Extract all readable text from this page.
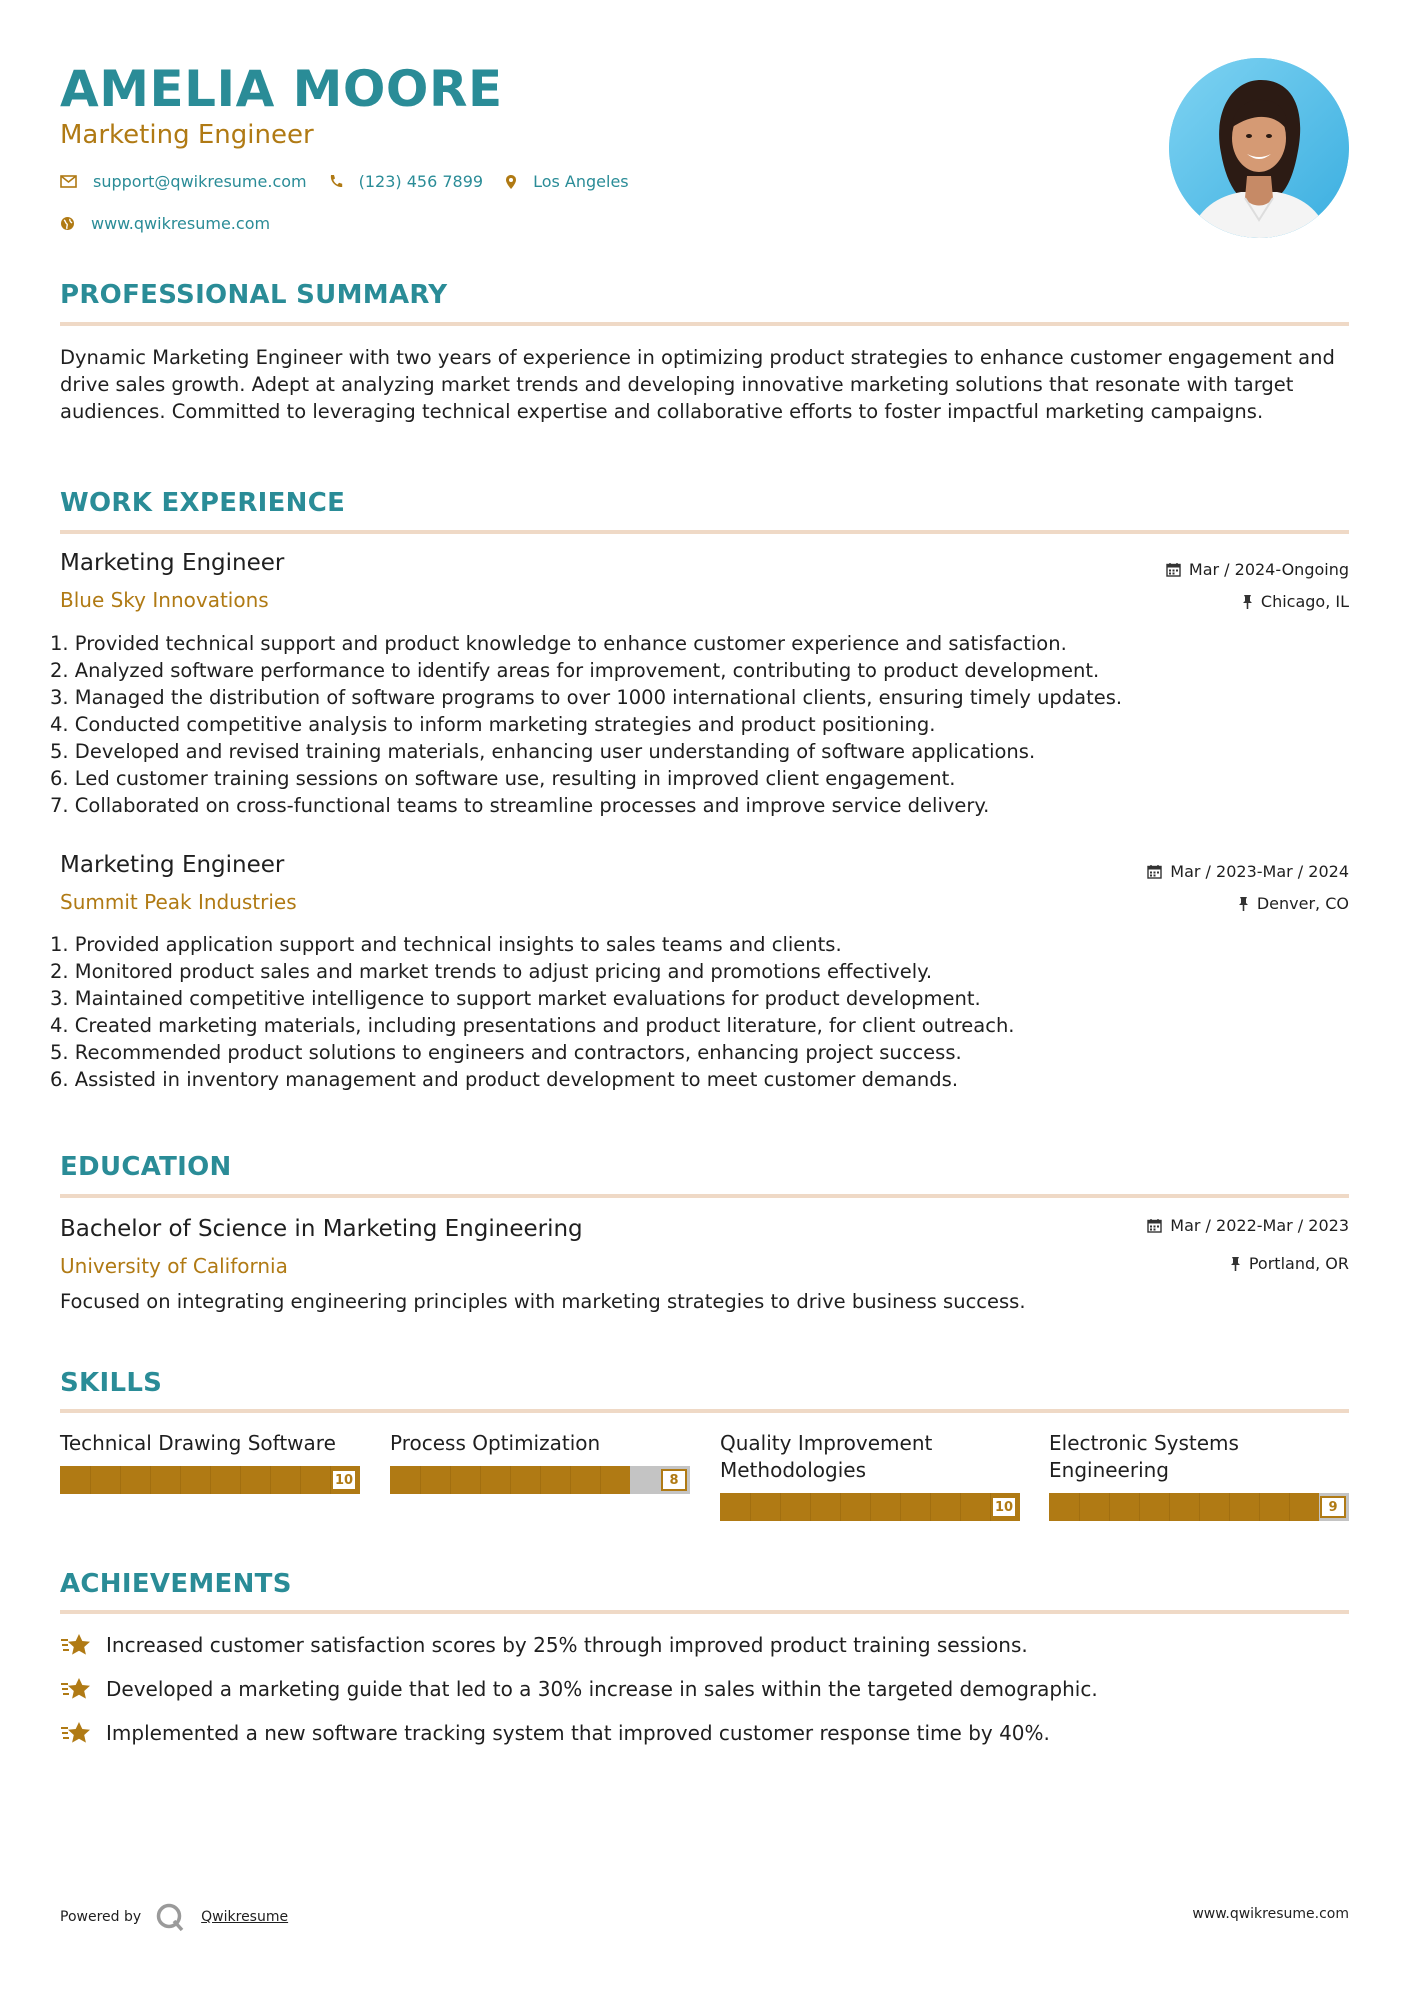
AMELIA MOORE
Marketing Engineer
support@qwikresume.com	(123) 456 7899	Los Angeles
www.qwikresume.com
PROFESSIONAL SUMMARY
Dynamic Marketing Engineer with two years of experience in optimizing product strategies to enhance customer engagement and drive sales growth. Adept at analyzing market trends and developing innovative marketing solutions that resonate with target audiences. Committed to leveraging technical expertise and collaborative efforts to foster impactful marketing campaigns.
WORK EXPERIENCE
Marketing Engineer
Blue Sky Innovations
Mar / 2024-Ongoing
Chicago, IL
1. Provided technical support and product knowledge to enhance customer experience and satisfaction.
2. Analyzed software performance to identify areas for improvement, contributing to product development.
3. Managed the distribution of software programs to over 1000 international clients, ensuring timely updates.
4. Conducted competitive analysis to inform marketing strategies and product positioning.
5. Developed and revised training materials, enhancing user understanding of software applications.
6. Led customer training sessions on software use, resulting in improved client engagement.
7. Collaborated on cross-functional teams to streamline processes and improve service delivery.
Marketing Engineer
Summit Peak Industries
Mar / 2023-Mar / 2024
Denver, CO
1. Provided application support and technical insights to sales teams and clients.
2. Monitored product sales and market trends to adjust pricing and promotions effectively.
3. Maintained competitive intelligence to support market evaluations for product development.
4. Created marketing materials, including presentations and product literature, for client outreach.
5. Recommended product solutions to engineers and contractors, enhancing project success.
6. Assisted in inventory management and product development to meet customer demands.
EDUCATION
Bachelor of Science in Marketing Engineering
University of California
Mar / 2022-Mar / 2023
Portland, OR
Focused on integrating engineering principles with marketing strategies to drive business success.
SKILLS
Technical Drawing Software
10
Process Optimization
8
Quality Improvement Methodologies
10
Electronic Systems Engineering
9
ACHIEVEMENTS
Increased customer satisfaction scores by 25% through improved product training sessions.
Developed a marketing guide that led to a 30% increase in sales within the targeted demographic.
Implemented a new software tracking system that improved customer response time by 40%.
Powered by	Qwikresume	www.qwikresume.com
